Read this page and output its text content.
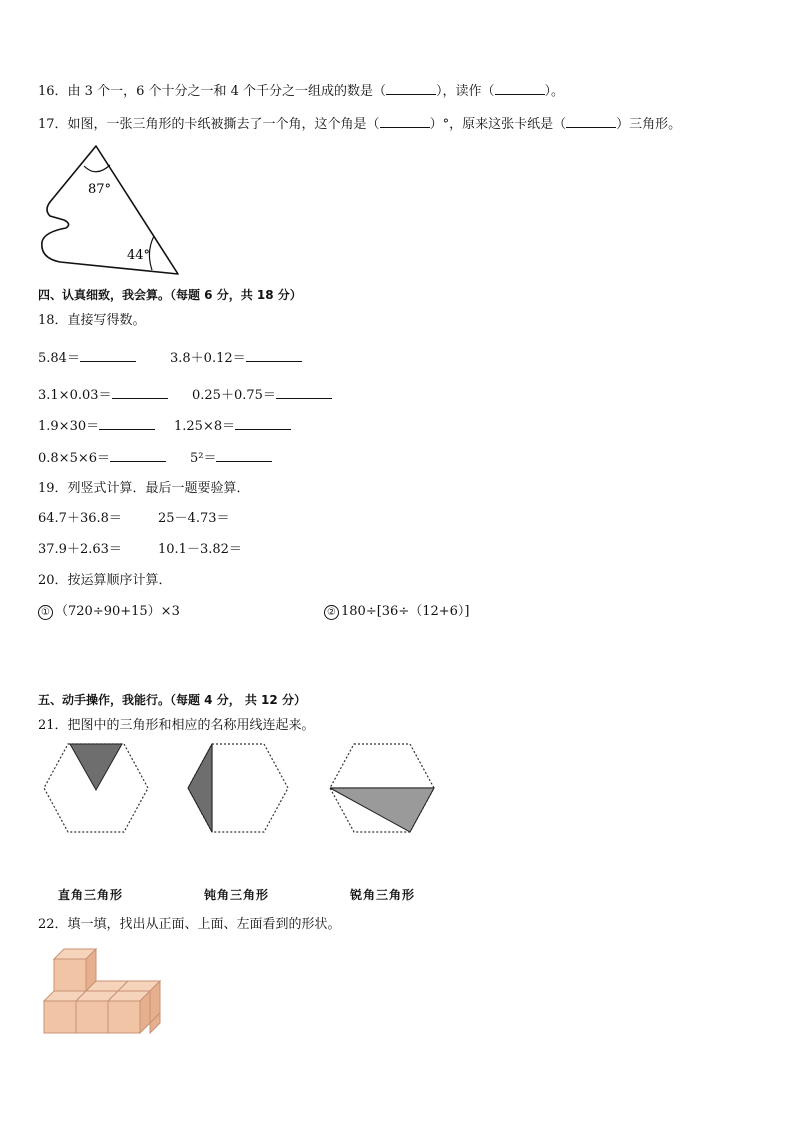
16．由 3 个一，6 个十分之一和 4 个千分之一组成的数是（	），读作（	）。
17．如图，一张三角形的卡纸被撕去了一个角，这个角是（	）°，原来这张卡纸是（	）三角形。
87°
44°
四、认真细致，我会算。（每题 6 分，共 18 分）
18．直接写得数。
5.84＝	3.8＋0.12＝
3.1×0.03＝	0.25＋0.75＝
1.9×30＝	1.25×8＝
0.8×5×6＝	5²＝
19．列竖式计算．最后一题要验算．
64.7＋36.8＝	25－4.73＝
37.9＋2.63＝	10.1－3.82＝
20．按运算顺序计算．
① （720÷90+15）×3	② 180÷[36÷（12+6）]
五、动手操作，我能行。（每题 4 分， 共 12 分）
21．把图中的三角形和相应的名称用线连起来。
直角三角形	钝角三角形	锐角三角形
22．填一填，找出从正面、上面、左面看到的形状。
